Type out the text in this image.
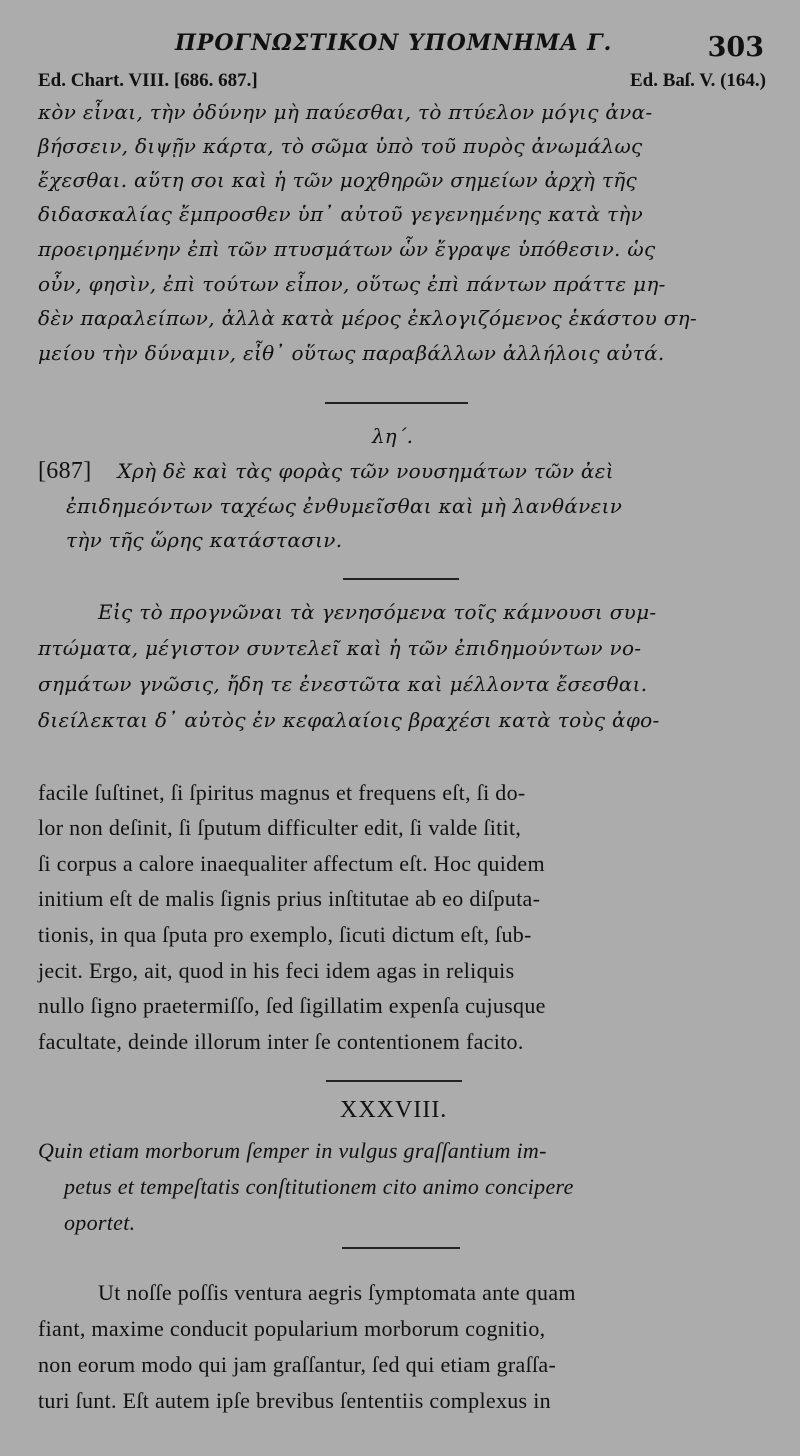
ΠΡΟΓΝΩΣΤΙΚΟΝ ΥΠΟΜΝΗΜΑ Γ.	303
Ed. Chart. VIII. [686. 687.]	Ed. Baſ. V. (164.)
κὸν εἶναι, τὴν ὀδύνην μὴ παύεσθαι, τὸ πτύελον μόγις ἀνα-
βήσσειν, διψῇν κάρτα, τὸ σῶμα ὑπὸ τοῦ πυρὸς ἀνωμάλως
ἔχεσθαι. αὕτη σοι καὶ ἡ τῶν μοχθηρῶν σημείων ἀρχὴ τῆς
διδασκαλίας ἔμπροσθεν ὑπ᾽ αὐτοῦ γεγενημένης κατὰ τὴν
προειρημένην ἐπὶ τῶν πτυσμάτων ὧν ἔγραψε ὑπόθεσιν. ὡς
οὖν, φησὶν, ἐπὶ τούτων εἶπον, οὕτως ἐπὶ πάντων πράττε μη-
δὲν παραλείπων, ἀλλὰ κατὰ μέρος ἐκλογιζόμενος ἑκάστου ση-
μείου τὴν δύναμιν, εἶθ᾽ οὕτως παραβάλλων ἀλλήλοις αὐτά.
λη΄.
[687] Χρὴ δὲ καὶ τὰς φορὰς τῶν νουσημάτων τῶν ἀεὶ
ἐπιδημεόντων ταχέως ἐνθυμεῖσθαι καὶ μὴ λανθάνειν
τὴν τῆς ὥρης κατάστασιν.
Εἰς τὸ προγνῶναι τὰ γενησόμενα τοῖς κάμνουσι συμ-
πτώματα, μέγιστον συντελεῖ καὶ ἡ τῶν ἐπιδημούντων νο-
σημάτων γνῶσις, ἤδη τε ἐνεστῶτα καὶ μέλλοντα ἔσεσθαι.
διείλεκται δ᾽ αὐτὸς ἐν κεφαλαίοις βραχέσι κατὰ τοὺς ἀφο-
facile ſuſtinet, ſi ſpiritus magnus et frequens eſt, ſi do-
lor non deſinit, ſi ſputum difficulter edit, ſi valde ſitit,
ſi corpus a calore inaequaliter affectum eſt. Hoc quidem
initium eſt de malis ſignis prius inſtitutae ab eo diſputa-
tionis, in qua ſputa pro exemplo, ſicuti dictum eſt, ſub-
jecit. Ergo, ait, quod in his feci idem agas in reliquis
nullo ſigno praetermiſſo, ſed ſigillatim expenſa cujusque
facultate, deinde illorum inter ſe contentionem facito.
XXXVIII.
Quin etiam morborum ſemper in vulgus graſſantium im-
petus et tempeſtatis conſtitutionem cito animo concipere
oportet.
Ut noſſe poſſis ventura aegris ſymptomata ante quam
fiant, maxime conducit popularium morborum cognitio,
non eorum modo qui jam graſſantur, ſed qui etiam graſſa-
turi ſunt. Eſt autem ipſe brevibus ſententiis complexus in
